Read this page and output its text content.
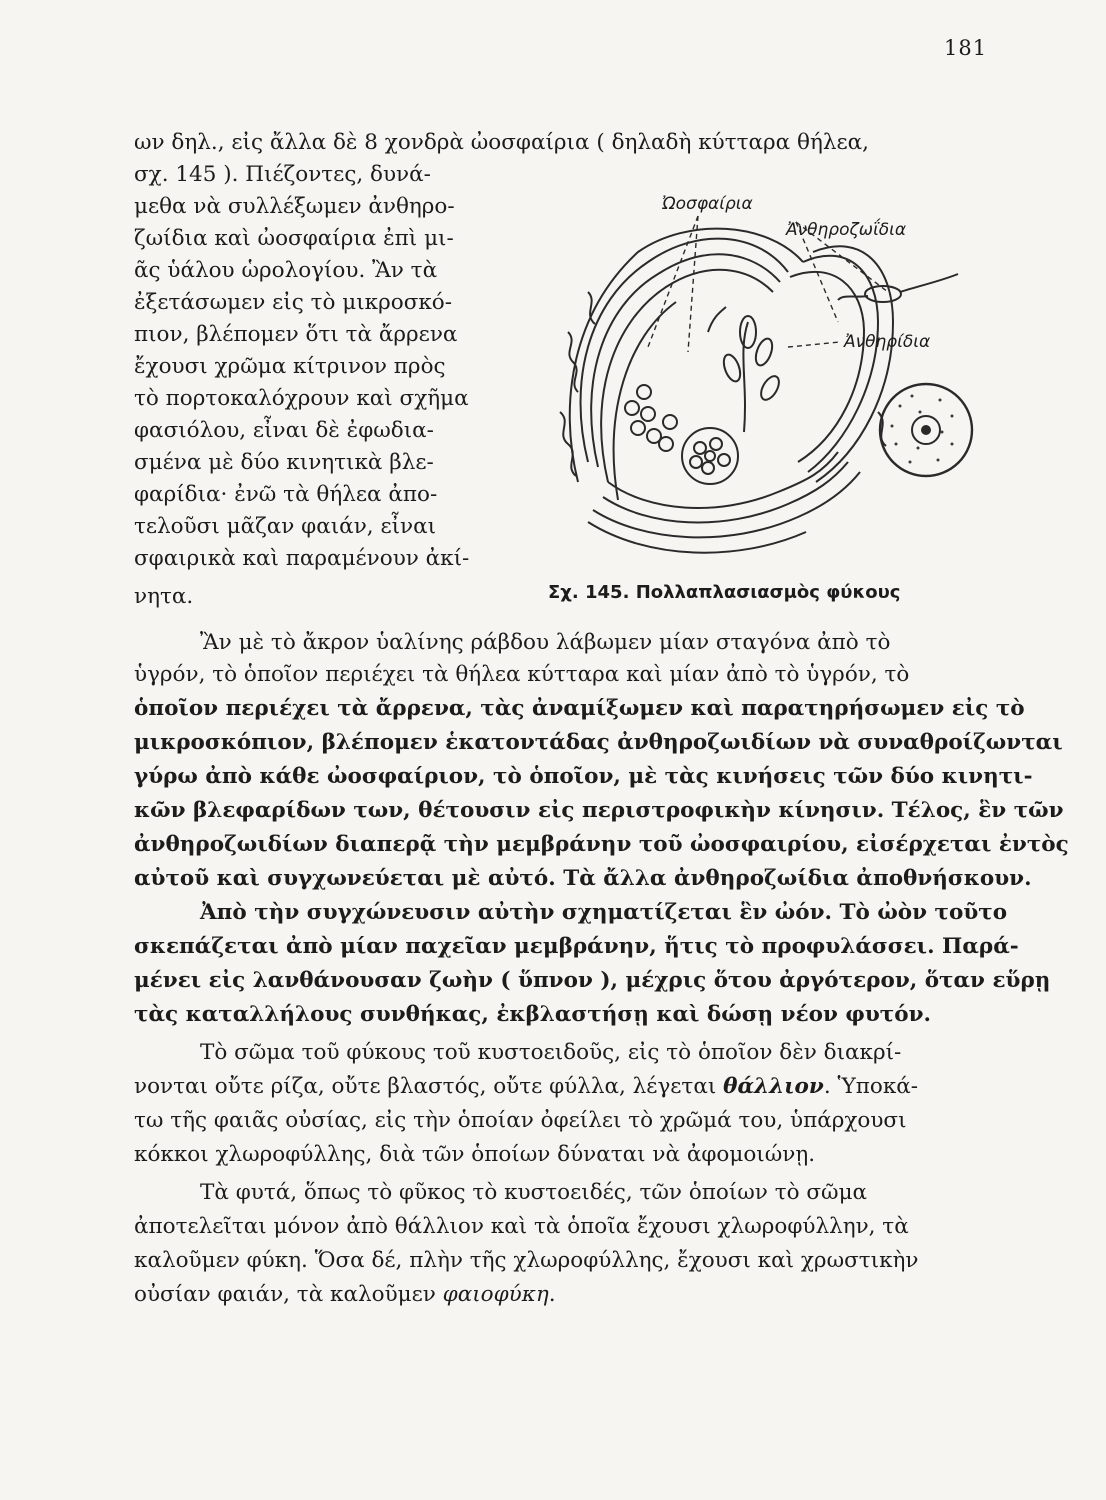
181

ων δηλ., εἰς ἄλλα δὲ 8 χονδρὰ ὠοσφαίρια ( δηλαδὴ κύτταρα θήλεα,

σχ. 145 ). Πιέζοντες, δυνά-

μεθα νὰ συλλέξωμεν ἀνθηρο-

ζωίδια καὶ ὠοσφαίρια ἐπὶ μι-

ᾶς ὑάλου ὡρολογίου. Ἂν τὰ

ἐξετάσωμεν εἰς τὸ μικροσκό-

πιον, βλέπομεν ὅτι τὰ ἄρρενα

ἔχουσι χρῶμα κίτρινον πρὸς

τὸ πορτοκαλόχρουν καὶ σχῆμα

φασιόλου, εἶναι δὲ ἐφωδια-

σμένα μὲ δύο κινητικὰ βλε-

φαρίδια· ἐνῶ τὰ θήλεα ἀπο-

τελοῦσι μᾶζαν φαιάν, εἶναι

σφαιρικὰ καὶ παραμένουν ἀκί-

νητα.

Ὠοσφαίρια
Ἀνθηροζωΐδια
Ἀνθηρίδια
Σχ. 145. Πολλαπλασιασμὸς φύκους

Ἂν μὲ τὸ ἄκρον ὑαλίνης ράβδου λάβωμεν μίαν σταγόνα ἀπὸ τὸ

ὑγρόν, τὸ ὁποῖον περιέχει τὰ θήλεα κύτταρα καὶ μίαν ἀπὸ τὸ ὑγρόν, τὸ

ὁποῖον περιέχει τὰ ἄρρενα, τὰς ἀναμίξωμεν καὶ παρατηρήσωμεν εἰς τὸ

μικροσκόπιον, βλέπομεν ἑκατοντάδας ἀνθηροζωιδίων νὰ συναθροίζωνται

γύρω ἀπὸ κάθε ὠοσφαίριον, τὸ ὁποῖον, μὲ τὰς κινήσεις τῶν δύο κινητι-

κῶν βλεφαρίδων των, θέτουσιν εἰς περιστροφικὴν κίνησιν. Τέλος, ἓν τῶν

ἀνθηροζωιδίων διαπερᾷ τὴν μεμβράνην τοῦ ὠοσφαιρίου, εἰσέρχεται ἐντὸς

αὐτοῦ καὶ συγχωνεύεται μὲ αὐτό. Τὰ ἄλλα ἀνθηροζωίδια ἀποθνήσκουν.

Ἀπὸ τὴν συγχώνευσιν αὐτὴν σχηματίζεται ἓν ὠόν. Τὸ ὠὸν τοῦτο

σκεπάζεται ἀπὸ μίαν παχεῖαν μεμβράνην, ἥτις τὸ προφυλάσσει. Παρά-

μένει εἰς λανθάνουσαν ζωὴν ( ὕπνον ), μέχρις ὅτου ἀργότερον, ὅταν εὕρῃ

τὰς καταλλήλους συνθήκας, ἐκβλαστήσῃ καὶ δώσῃ νέον φυτόν.

Τὸ σῶμα τοῦ φύκους τοῦ κυστοειδοῦς, εἰς τὸ ὁποῖον δὲν διακρί-

νονται οὔτε ρίζα, οὔτε βλαστός, οὔτε φύλλα, λέγεται θάλλιον. Ὑποκά-

τω τῆς φαιᾶς οὐσίας, εἰς τὴν ὁποίαν ὀφείλει τὸ χρῶμά του, ὑπάρχουσι

κόκκοι χλωροφύλλης, διὰ τῶν ὁποίων δύναται νὰ ἀφομοιώνῃ.

Τὰ φυτά, ὅπως τὸ φῦκος τὸ κυστοειδές, τῶν ὁποίων τὸ σῶμα

ἀποτελεῖται μόνον ἀπὸ θάλλιον καὶ τὰ ὁποῖα ἔχουσι χλωροφύλλην, τὰ

καλοῦμεν φύκη. Ὅσα δέ, πλὴν τῆς χλωροφύλλης, ἔχουσι καὶ χρωστικὴν

οὐσίαν φαιάν, τὰ καλοῦμεν φαιοφύκη.
